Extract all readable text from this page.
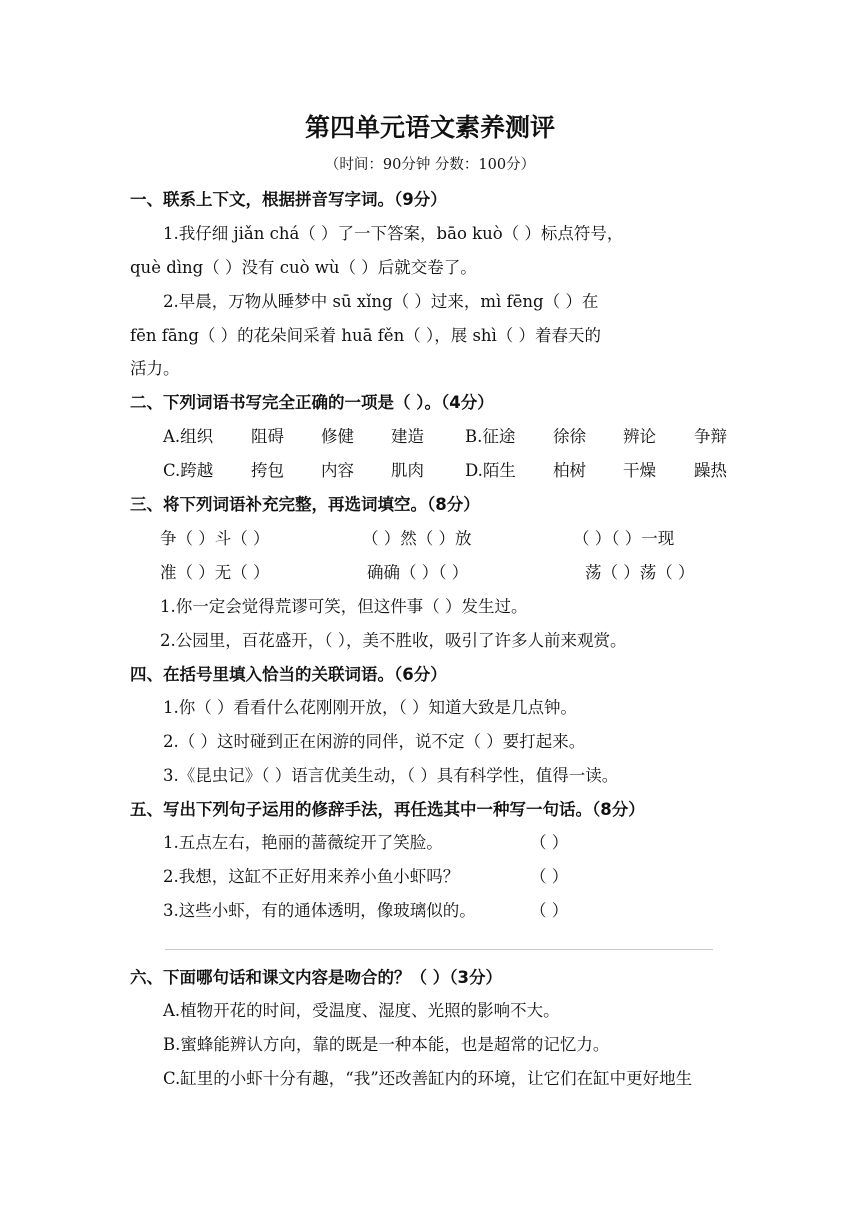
第四单元语文素养测评
（时间：90分钟 分数：100分）
一、联系上下文，根据拼音写字词。（9分）
1.我仔细 jiǎn chá（ ）了一下答案，bāo kuò（ ）标点符号，
què dìng（ ）没有 cuò wù（ ）后就交卷了。
2.早晨，万物从睡梦中 sū xǐng（ ）过来，mì fēng（ ）在
fēn fāng（ ）的花朵间采着 huā fěn（ ），展 shì（ ）着春天的
活力。
二、下列词语书写完全正确的一项是（ ）。（4分）
A.组织 阻碍 修健 建造 B.征途 徐徐 辨论 争辩
C.跨越 挎包 内容 肌肉 D.陌生 柏树 干燥 躁热
三、将下列词语补充完整，再选词填空。（8分）
争（ ）斗（ ）	（ ）然（ ）放	（ ）（ ）一现
准（ ）无（ ）	确确（ ）（ ）	荡（ ）荡（ ）
1.你一定会觉得荒谬可笑，但这件事（ ）发生过。
2.公园里，百花盛开，（ ），美不胜收，吸引了许多人前来观赏。
四、在括号里填入恰当的关联词语。（6分）
1.你（ ）看看什么花刚刚开放，（ ）知道大致是几点钟。
2.（ ）这时碰到正在闲游的同伴，说不定（ ）要打起来。
3.《昆虫记》（ ）语言优美生动，（ ）具有科学性，值得一读。
五、写出下列句子运用的修辞手法，再任选其中一种写一句话。（8分）
1.五点左右，艳丽的蔷薇绽开了笑脸。	（ ）
2.我想，这缸不正好用来养小鱼小虾吗？	（ ）
3.这些小虾，有的通体透明，像玻璃似的。	（ ）
六、下面哪句话和课文内容是吻合的？（ ）（3分）
A.植物开花的时间，受温度、湿度、光照的影响不大。
B.蜜蜂能辨认方向，靠的既是一种本能，也是超常的记忆力。
C.缸里的小虾十分有趣，“我”还改善缸内的环境，让它们在缸中更好地生
